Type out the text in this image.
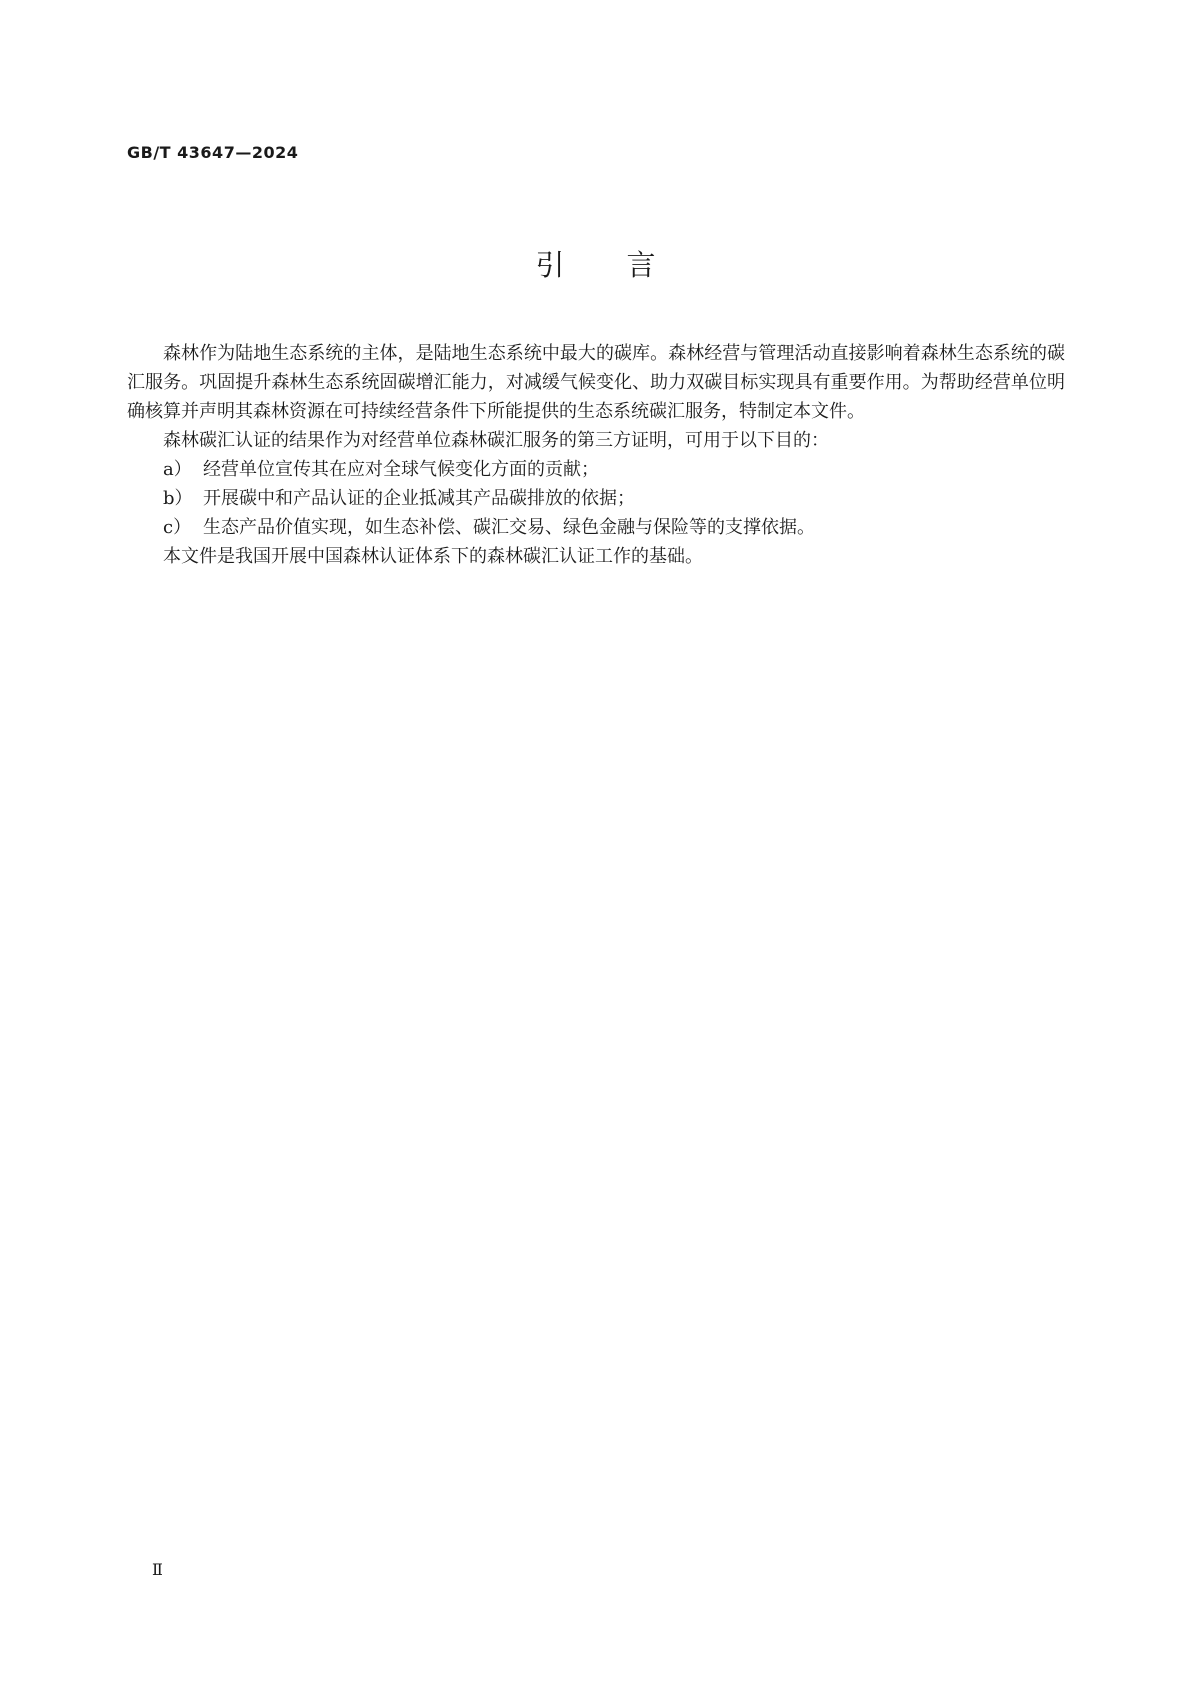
GB/T 43647—2024
引言

森林作为陆地生态系统的主体，是陆地生态系统中最大的碳库。森林经营与管理活动直接影响着森林生态系统的碳汇服务。巩固提升森林生态系统固碳增汇能力，对减缓气候变化、助力双碳目标实现具有重要作用。为帮助经营单位明确核算并声明其森林资源在可持续经营条件下所能提供的生态系统碳汇服务，特制定本文件。

森林碳汇认证的结果作为对经营单位森林碳汇服务的第三方证明，可用于以下目的：

a） 经营单位宣传其在应对全球气候变化方面的贡献；
b） 开展碳中和产品认证的企业抵减其产品碳排放的依据；
c） 生态产品价值实现，如生态补偿、碳汇交易、绿色金融与保险等的支撑依据。

本文件是我国开展中国森林认证体系下的森林碳汇认证工作的基础。

Ⅱ
